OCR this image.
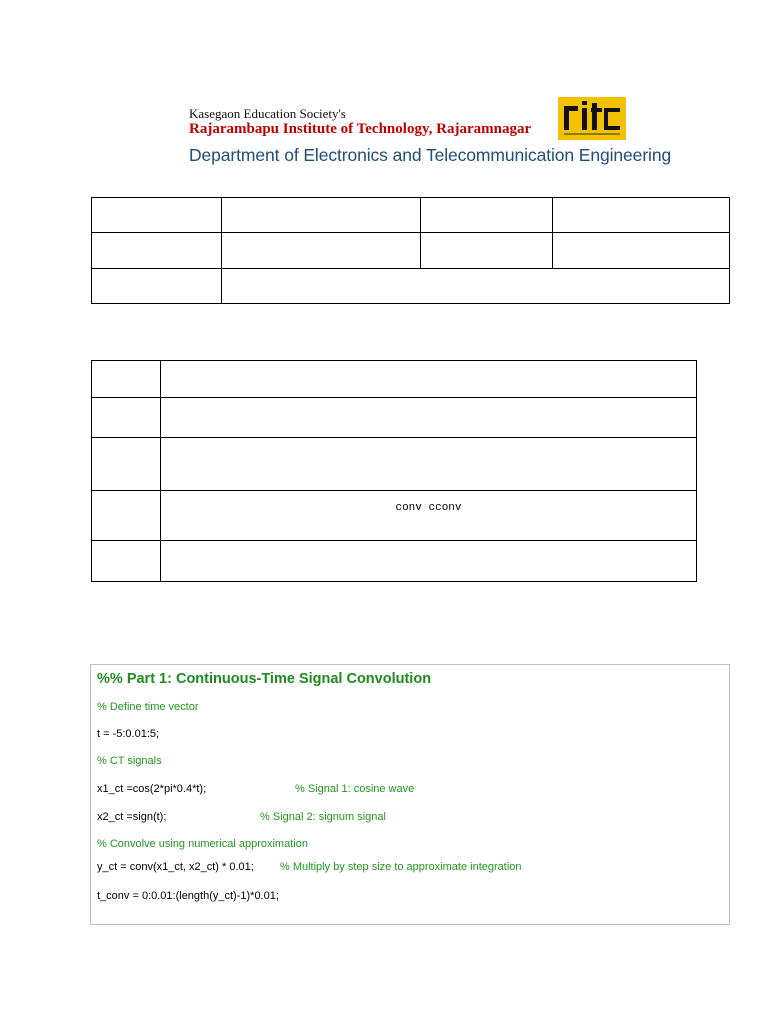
Kasegaon Education Society's
Rajarambapu Institute of Technology, Rajaramnagar
Department of Electronics and Telecommunication Engineering

	conv cconv

%% Part 1: Continuous-Time Signal Convolution
% Define time vector
t = -5:0.01:5;
% CT signals
x1_ct =cos(2*pi*0.4*t);	% Signal 1: cosine wave
x2_ct =sign(t);	% Signal 2: signum signal
% Convolve using numerical approximation
y_ct = conv(x1_ct, x2_ct) * 0.01; % Multiply by step size to approximate integration
t_conv = 0:0.01:(length(y_ct)-1)*0.01;
